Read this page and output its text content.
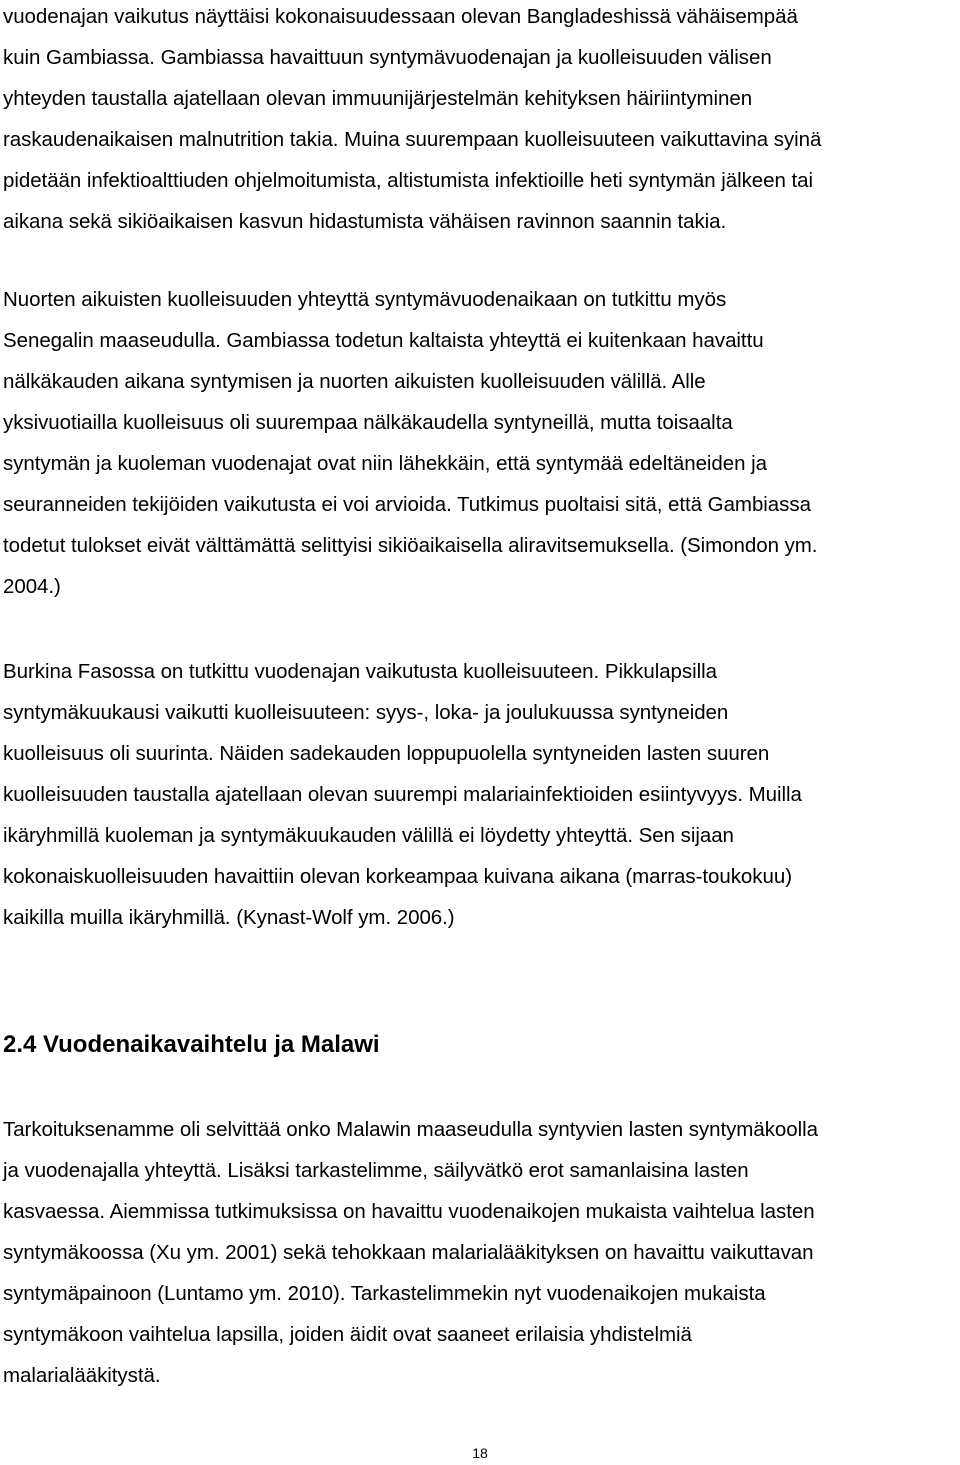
vuodenajan vaikutus näyttäisi kokonaisuudessaan olevan Bangladeshissä vähäisempää
kuin Gambiassa. Gambiassa havaittuun syntymävuodenajan ja kuolleisuuden välisen
yhteyden taustalla ajatellaan olevan immuunijärjestelmän kehityksen häiriintyminen
raskaudenaikaisen malnutrition takia. Muina suurempaan kuolleisuuteen vaikuttavina syinä
pidetään infektioalttiuden ohjelmoitumista, altistumista infektioille heti syntymän jälkeen tai
aikana sekä sikiöaikaisen kasvun hidastumista vähäisen ravinnon saannin takia.

Nuorten aikuisten kuolleisuuden yhteyttä syntymävuodenaikaan on tutkittu myös
Senegalin maaseudulla. Gambiassa todetun kaltaista yhteyttä ei kuitenkaan havaittu
nälkäkauden aikana syntymisen ja nuorten aikuisten kuolleisuuden välillä. Alle
yksivuotiailla kuolleisuus oli suurempaa nälkäkaudella syntyneillä, mutta toisaalta
syntymän ja kuoleman vuodenajat ovat niin lähekkäin, että syntymää edeltäneiden ja
seuranneiden tekijöiden vaikutusta ei voi arvioida. Tutkimus puoltaisi sitä, että Gambiassa
todetut tulokset eivät välttämättä selittyisi sikiöaikaisella aliravitsemuksella. (Simondon ym.
2004.)

Burkina Fasossa on tutkittu vuodenajan vaikutusta kuolleisuuteen. Pikkulapsilla
syntymäkuukausi vaikutti kuolleisuuteen: syys-, loka- ja joulukuussa syntyneiden
kuolleisuus oli suurinta. Näiden sadekauden loppupuolella syntyneiden lasten suuren
kuolleisuuden taustalla ajatellaan olevan suurempi malariainfektioiden esiintyvyys. Muilla
ikäryhmillä kuoleman ja syntymäkuukauden välillä ei löydetty yhteyttä. Sen sijaan
kokonaiskuolleisuuden havaittiin olevan korkeampaa kuivana aikana (marras-toukokuu)
kaikilla muilla ikäryhmillä. (Kynast-Wolf ym. 2006.)

2.4 Vuodenaikavaihtelu ja Malawi

Tarkoituksenamme oli selvittää onko Malawin maaseudulla syntyvien lasten syntymäkoolla
ja vuodenajalla yhteyttä. Lisäksi tarkastelimme, säilyvätkö erot samanlaisina lasten
kasvaessa. Aiemmissa tutkimuksissa on havaittu vuodenaikojen mukaista vaihtelua lasten
syntymäkoossa (Xu ym. 2001) sekä tehokkaan malarialääkityksen on havaittu vaikuttavan
syntymäpainoon (Luntamo ym. 2010). Tarkastelimmekin nyt vuodenaikojen mukaista
syntymäkoon vaihtelua lapsilla, joiden äidit ovat saaneet erilaisia yhdistelmiä
malarialääkitystä.

18
